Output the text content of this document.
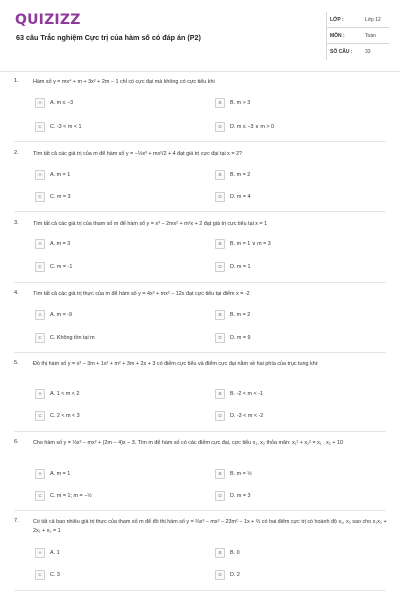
QUIZIZZ
63 câu Trắc nghiệm Cực trị của hàm số có đáp án (P2)
LỚP :	Lớp 12
MÔN :	Toán
SỐ CÂU :	33
1.	Hàm số y = mx⁴ + m + 3x² + 2m − 1 chỉ có cực đại mà không có cực tiểu khi
A	A. m ≤ −3	B	B. m > 3
C	C. -3 < m < 1	D	D. m ≤ −3 ∨ m > 0
2.	Tìm tất cả các giá trị của m để hàm số y = −⅓x³ + mx²/2 + 4 đạt giá trị cực đại tại x = 2?
A	A. m = 1	B	B. m = 2
C	C. m = 3	D	D. m = 4
3.	Tìm tất cả các giá trị của tham số m để hàm số y = x³ − 2mx² + m²x + 2 đạt giá trị cực tiểu tại x = 1
A	A. m = 3	B	B. m = 1 ∨ m = 3
C	C. m = -1	D	D. m = 1
4.	Tìm tất cả các giá trị thực của m để hàm số y = 4x³ + mx² − 12x đạt cực tiểu tại điểm x = -2
A	A. m = -9	B	B. m = 2
C	C. Không tồn tại m	D	D. m = 9
5.	Đồ thị hàm số y = x³ − 3m + 1x² + m² + 3m + 2x + 3 có điểm cực tiểu và điểm cực đại nằm về hai phía của trục tung khi:
A	A. 1 < m < 2	B	B. -2 < m < -1
C	C. 2 < m < 3	D	D. -3 < m < -2
6.	Cho hàm số y = ⅓x³ − mx² + (2m − 4)x − 3. Tìm m để hàm số có các điểm cực đại, cực tiểu x₁, x₂ thỏa mãn: x₁² + x₂² = x₁ . x₂ + 10
A	A. m = 1	B	B. m = ½
C	C. m = 1; m = −½	D	D. m = 3
7.	Có tất cả bao nhiêu giá trị thực của tham số m để đồ thị hàm số y = ⅔x³ − mx² − 23m² − 1x + ⅔ có hai điểm cực trị có hoành độ x₁, x₂ sao cho x₁x₂ + 2x₁ + x₂ = 1
A	A. 1	B	B. 0
C	C. 3	D	D. 2
